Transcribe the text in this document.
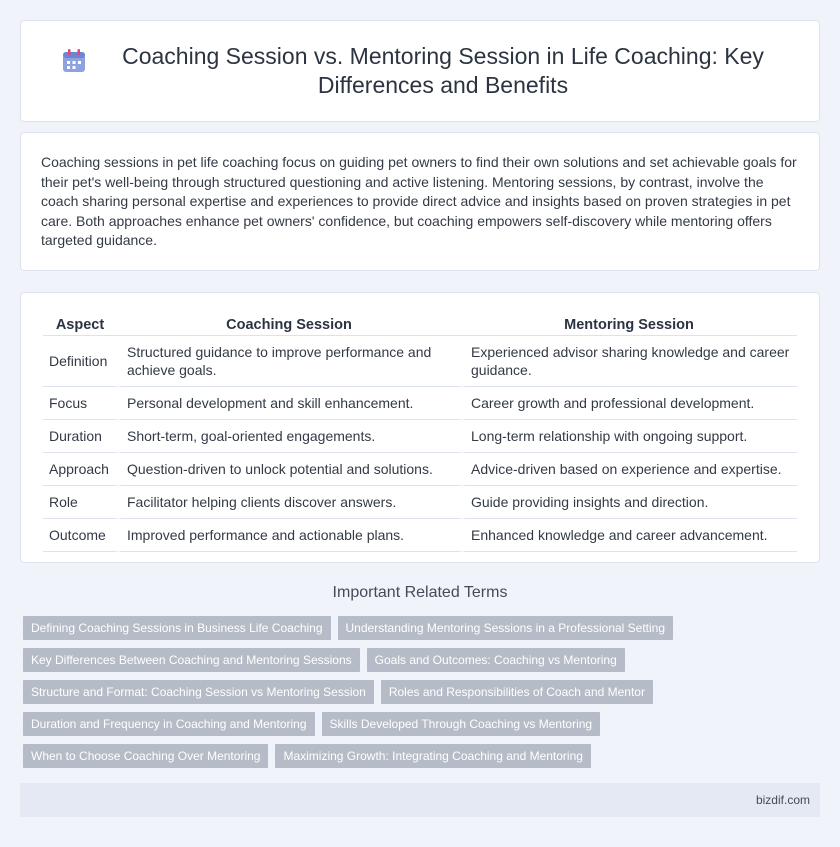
Coaching Session vs. Mentoring Session in Life Coaching: Key Differences and Benefits

Coaching sessions in pet life coaching focus on guiding pet owners to find their own solutions and set achievable goals for their pet's well-being through structured questioning and active listening. Mentoring sessions, by contrast, involve the coach sharing personal expertise and experiences to provide direct advice and insights based on proven strategies in pet care. Both approaches enhance pet owners' confidence, but coaching empowers self-discovery while mentoring offers targeted guidance.

Aspect	Coaching Session	Mentoring Session
Definition	Structured guidance to improve performance and achieve goals.	Experienced advisor sharing knowledge and career guidance.
Focus	Personal development and skill enhancement.	Career growth and professional development.
Duration	Short-term, goal-oriented engagements.	Long-term relationship with ongoing support.
Approach	Question-driven to unlock potential and solutions.	Advice-driven based on experience and expertise.
Role	Facilitator helping clients discover answers.	Guide providing insights and direction.
Outcome	Improved performance and actionable plans.	Enhanced knowledge and career advancement.
Important Related Terms
Defining Coaching Sessions in Business Life Coaching	Understanding Mentoring Sessions in a Professional Setting
Key Differences Between Coaching and Mentoring Sessions	Goals and Outcomes: Coaching vs Mentoring
Structure and Format: Coaching Session vs Mentoring Session	Roles and Responsibilities of Coach and Mentor
Duration and Frequency in Coaching and Mentoring	Skills Developed Through Coaching vs Mentoring
When to Choose Coaching Over Mentoring	Maximizing Growth: Integrating Coaching and Mentoring
bizdif.com
